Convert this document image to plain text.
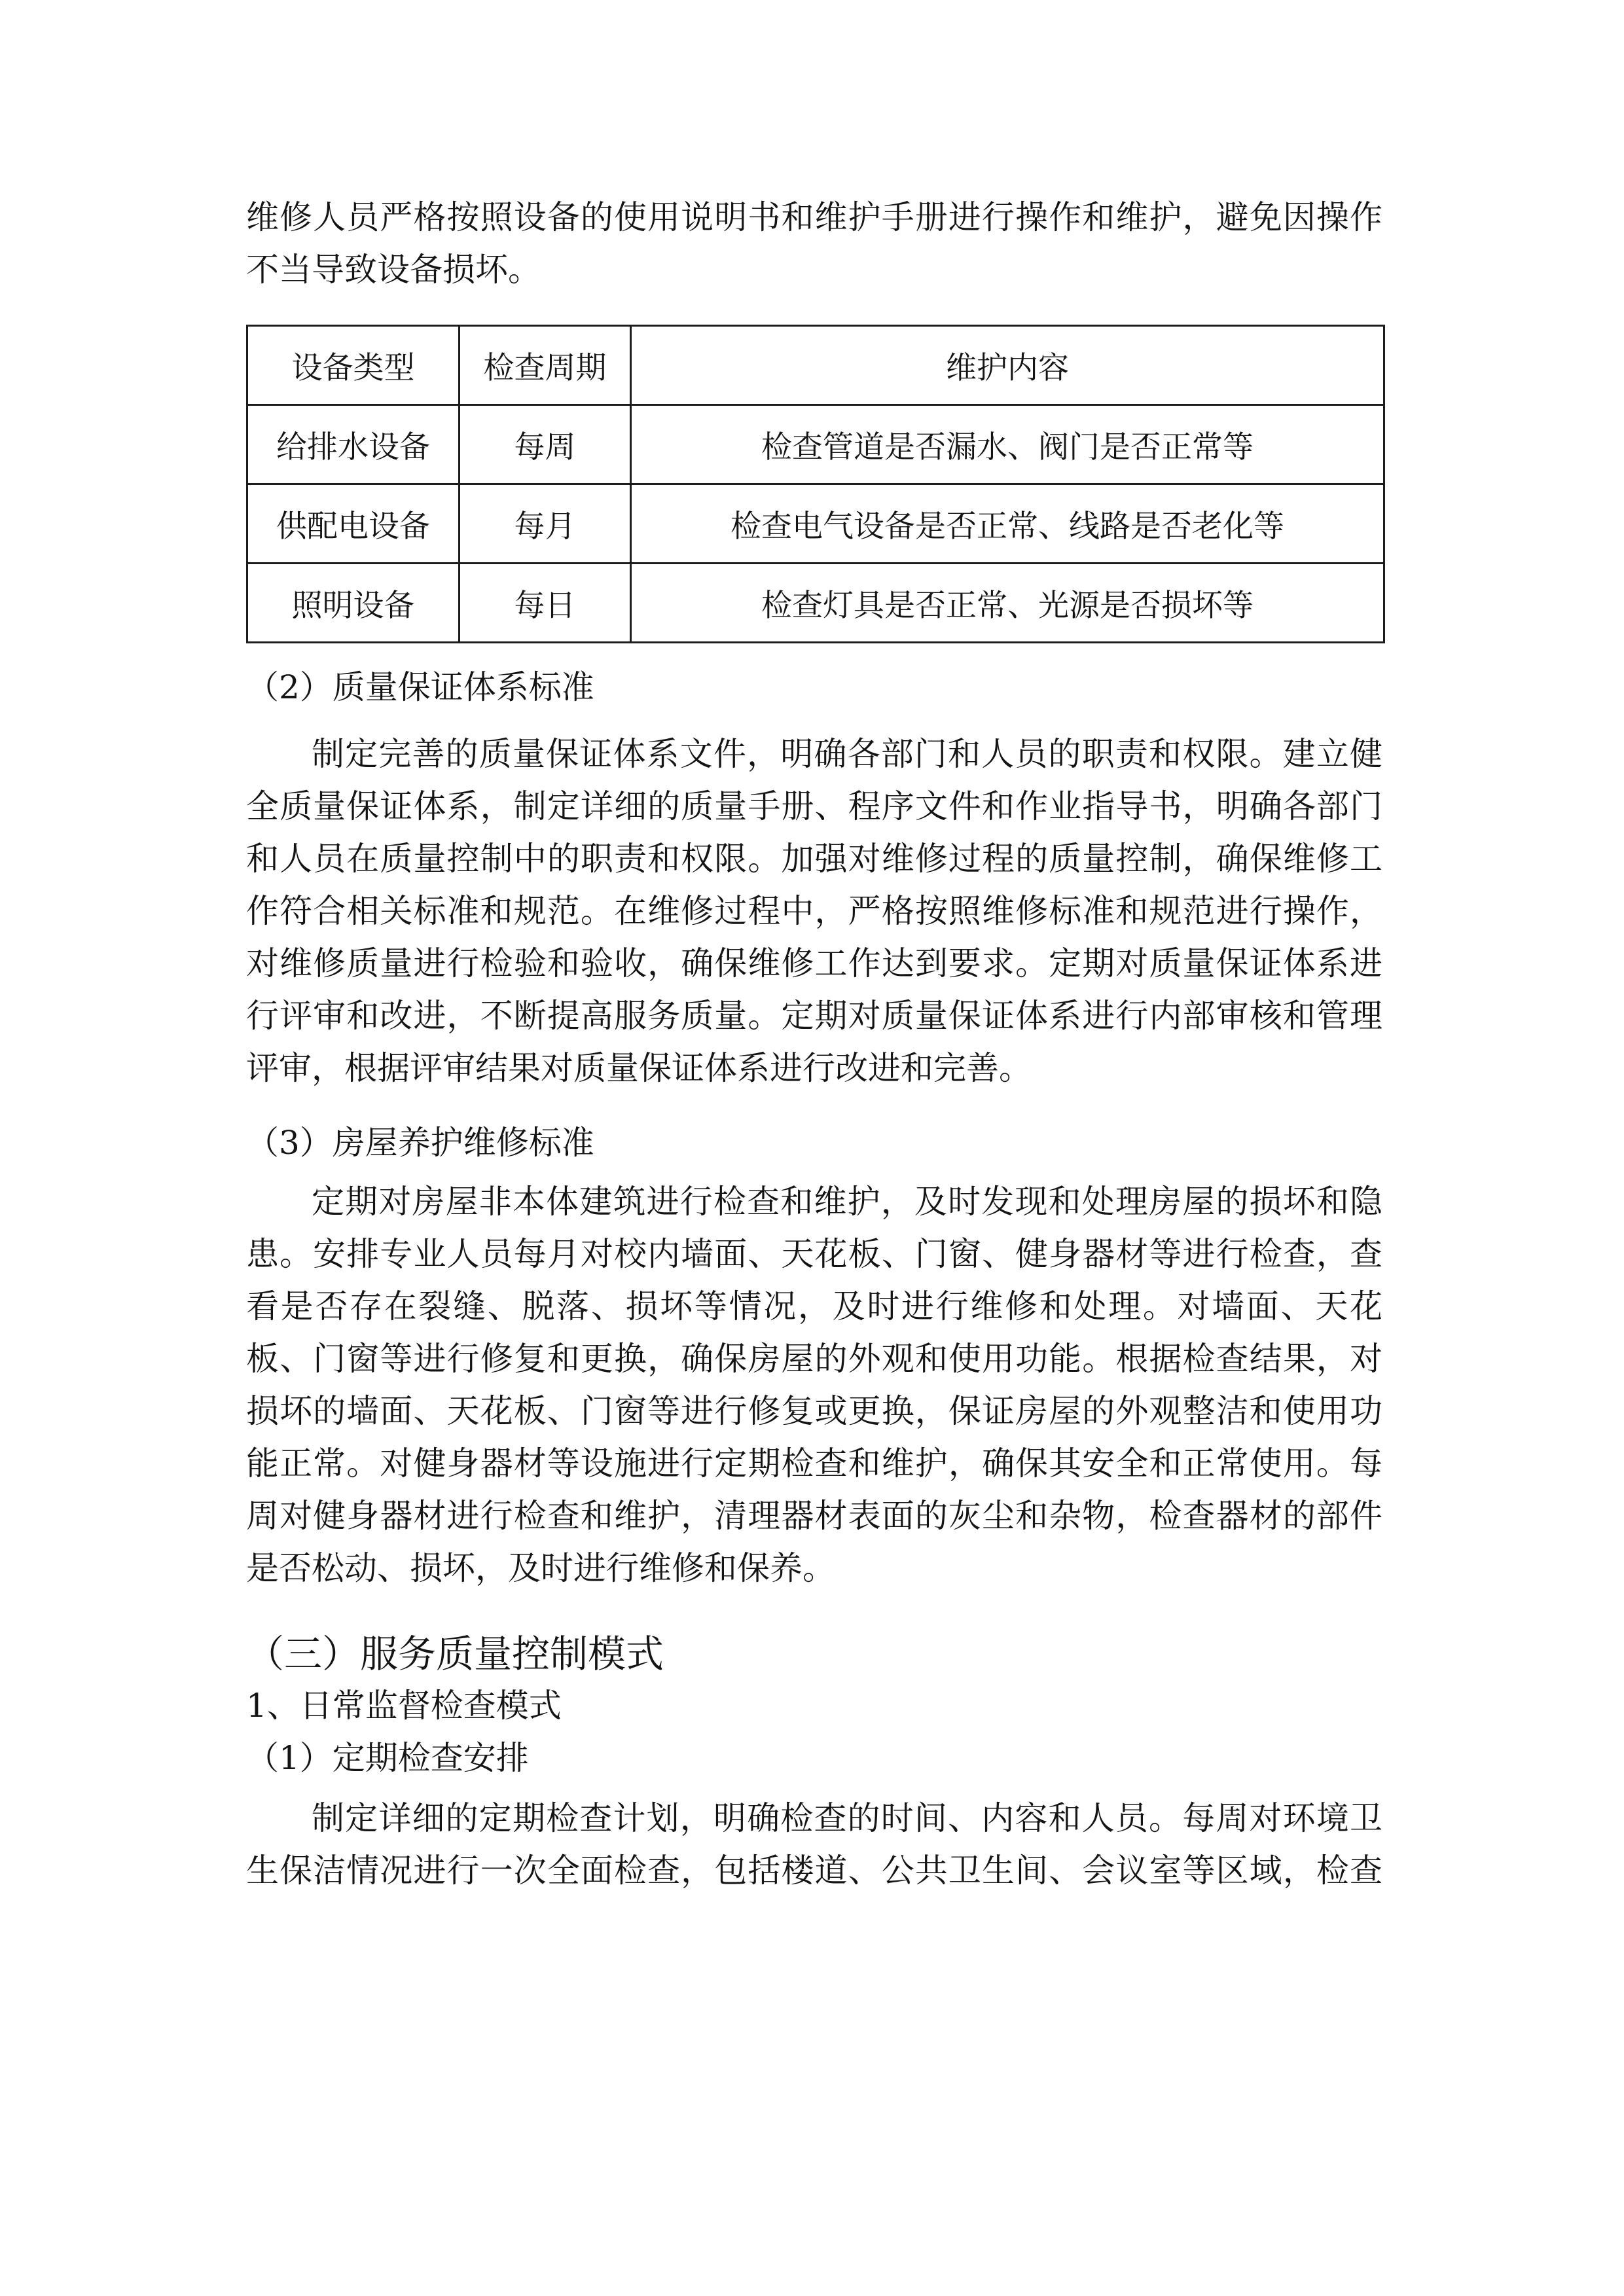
维修人员严格按照设备的使用说明书和维护手册进行操作和维护，避免因操作

不当导致设备损坏。

设备类型	检查周期	维护内容
给排水设备	每周	检查管道是否漏水、阀门是否正常等
供配电设备	每月	检查电气设备是否正常、线路是否老化等
照明设备	每日	检查灯具是否正常、光源是否损坏等

（2）质量保证体系标准

制定完善的质量保证体系文件，明确各部门和人员的职责和权限。建立健

全质量保证体系，制定详细的质量手册、程序文件和作业指导书，明确各部门

和人员在质量控制中的职责和权限。加强对维修过程的质量控制，确保维修工

作符合相关标准和规范。在维修过程中，严格按照维修标准和规范进行操作，

对维修质量进行检验和验收，确保维修工作达到要求。定期对质量保证体系进

行评审和改进，不断提高服务质量。定期对质量保证体系进行内部审核和管理

评审，根据评审结果对质量保证体系进行改进和完善。

（3）房屋养护维修标准

定期对房屋非本体建筑进行检查和维护，及时发现和处理房屋的损坏和隐

患。安排专业人员每月对校内墙面、天花板、门窗、健身器材等进行检查，查

看是否存在裂缝、脱落、损坏等情况，及时进行维修和处理。对墙面、天花

板、门窗等进行修复和更换，确保房屋的外观和使用功能。根据检查结果，对

损坏的墙面、天花板、门窗等进行修复或更换，保证房屋的外观整洁和使用功

能正常。对健身器材等设施进行定期检查和维护，确保其安全和正常使用。每

周对健身器材进行检查和维护，清理器材表面的灰尘和杂物，检查器材的部件

是否松动、损坏，及时进行维修和保养。

（三）服务质量控制模式

1、日常监督检查模式

（1）定期检查安排

制定详细的定期检查计划，明确检查的时间、内容和人员。每周对环境卫

生保洁情况进行一次全面检查，包括楼道、公共卫生间、会议室等区域，检查
